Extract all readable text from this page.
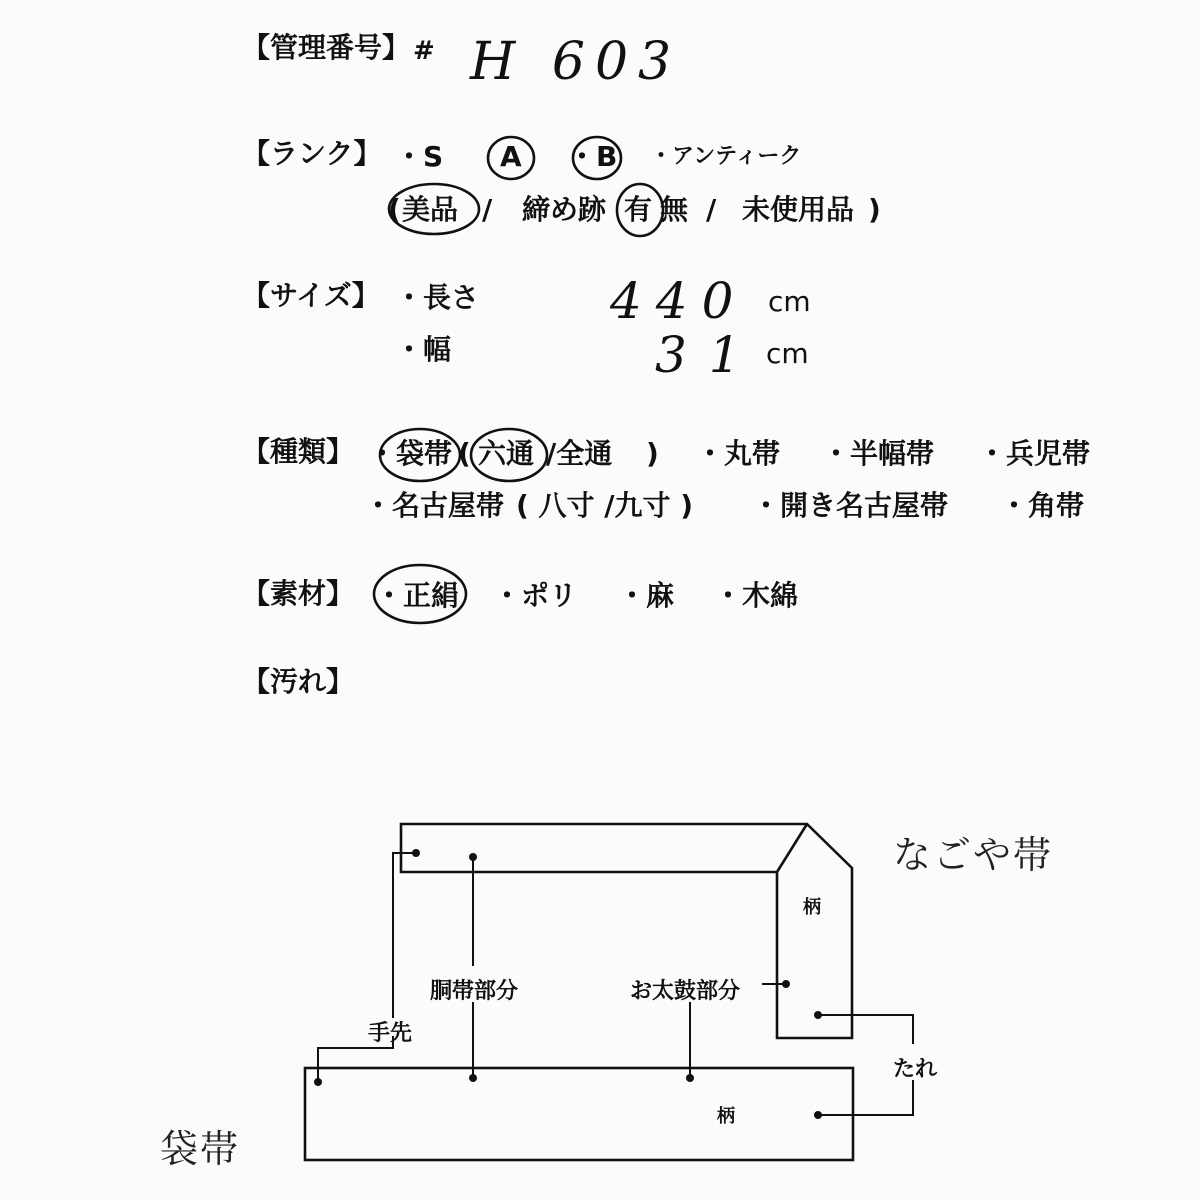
【管理番号】 # H 603
【ランク】 ・S A ・B ・アンティーク
( 美品 / 締め跡 有 無 / 未使用品 )
【サイズ】 ・長さ	440 cm
・幅	31 cm
【種類】 ・袋帯 ( 六通 /全通 ) ・丸帯 ・半幅帯 ・兵児帯
・名古屋帯 ( 八寸 /九寸 ) ・開き名古屋帯 ・角帯
【素材】 ・正絹 ・ポリ ・麻 ・木綿
【汚れ】
なごや帯
袋帯
手先
胴帯部分	お太鼓部分
たれ
柄
柄
